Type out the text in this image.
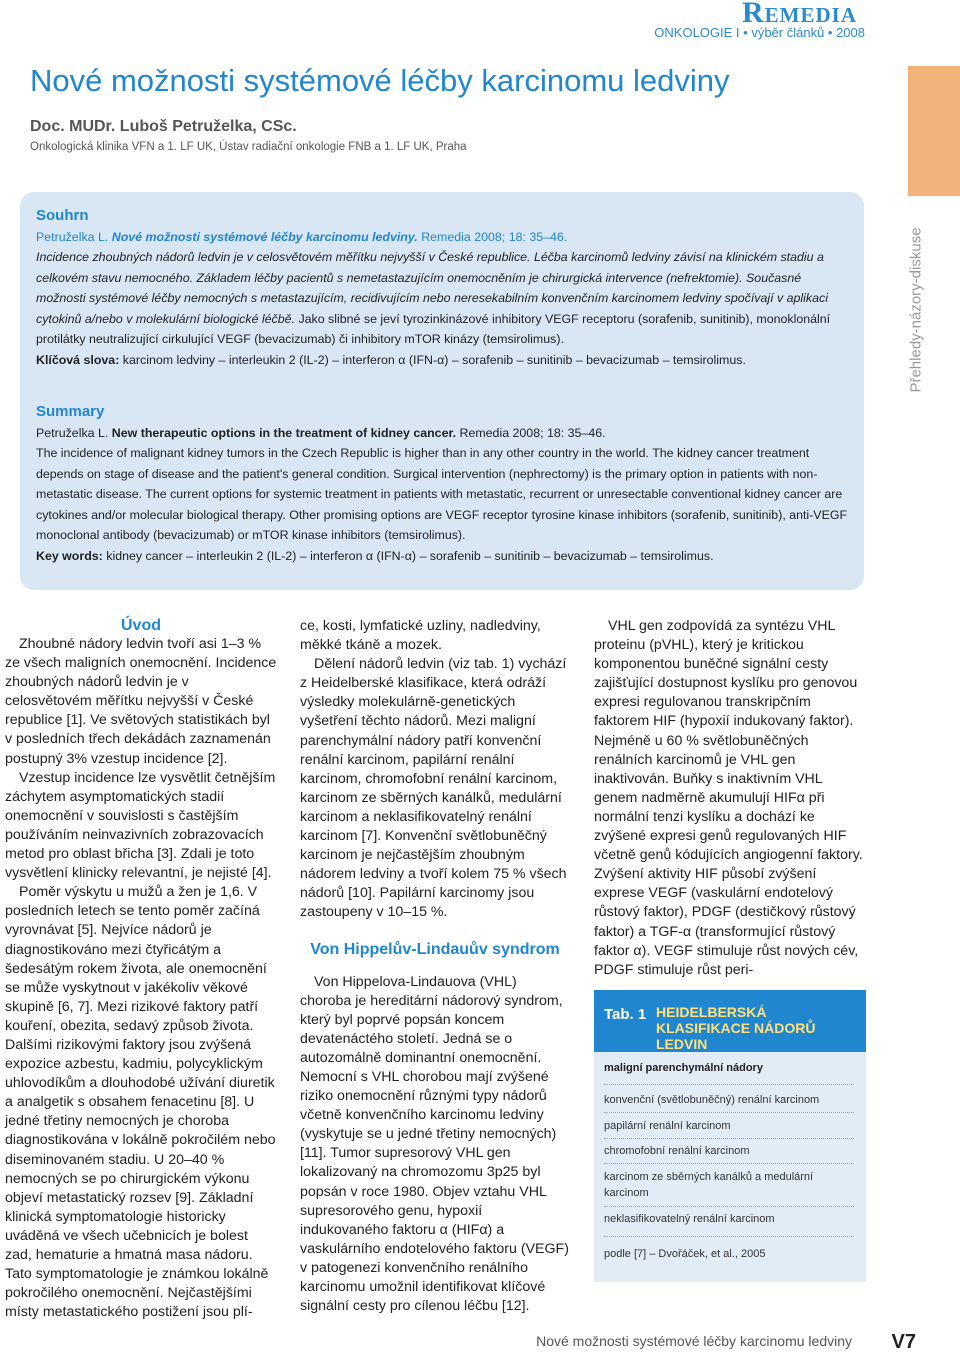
Remedia
ONKOLOGIE I • výběr článků • 2008
Nové možnosti systémové léčby karcinomu ledviny
Doc. MUDr. Luboš Petruželka, CSc.
Onkologická klinika VFN a 1. LF UK, Ústav radiační onkologie FNB a 1. LF UK, Praha
Přehledy-názory-diskuse
Souhrn
Petruželka L. Nové možnosti systémové léčby karcinomu ledviny. Remedia 2008; 18: 35–46.
Incidence zhoubných nádorů ledvin je v celosvětovém měřítku nejvyšší v České republice. Léčba karcinomů ledviny závisí na klinickém stadiu a celkovém stavu nemocného. Základem léčby pacientů s nemetastazujícím onemocněním je chirurgická intervence (nefrektomie). Současné možnosti systémové léčby nemocných s metastazujícím, recidivujícím nebo neresekabilním konvenčním karcinomem ledviny spočívají v aplikaci cytokinů a/nebo v molekulární biologické léčbě. Jako slibné se jeví tyrozinkinázové inhibitory VEGF receptoru (sorafenib, sunitinib), monoklonální protilátky neutralizující cirkulující VEGF (bevacizumab) či inhibitory mTOR kinázy (temsirolimus).
Klíčová slova: karcinom ledviny – interleukin 2 (IL-2) – interferon α (IFN-α) – sorafenib – sunitinib – bevacizumab – temsirolimus.
Summary
Petruželka L. New therapeutic options in the treatment of kidney cancer. Remedia 2008; 18: 35–46.
The incidence of malignant kidney tumors in the Czech Republic is higher than in any other country in the world. The kidney cancer treatment depends on stage of disease and the patient's general condition. Surgical intervention (nephrectomy) is the primary option in patients with non-metastatic disease. The current options for systemic treatment in patients with metastatic, recurrent or unresectable conventional kidney cancer are cytokines and/or molecular biological therapy. Other promising options are VEGF receptor tyrosine kinase inhibitors (sorafenib, sunitinib), anti-VEGF monoclonal antibody (bevacizumab) or mTOR kinase inhibitors (temsirolimus).
Key words: kidney cancer – interleukin 2 (IL-2) – interferon α (IFN-α) – sorafenib – sunitinib – bevacizumab – temsirolimus.
Úvod

Zhoubné nádory ledvin tvoří asi 1–3 % ze všech maligních onemocnění. Incidence zhoubných nádorů ledvin je v celosvětovém měřítku nejvyšší v České republice [1]. Ve světových statistikách byl v posledních třech dekádách zaznamenán postupný 3% vzestup incidence [2].

Vzestup incidence lze vysvětlit četnějším záchytem asymptomatických stadií onemocnění v souvislosti s častějším používáním neinvazivních zobrazovacích metod pro oblast břicha [3]. Zdali je toto vysvětlení klinicky relevantní, je nejisté [4].

Poměr výskytu u mužů a žen je 1,6. V posledních letech se tento poměr začíná vyrovnávat [5]. Nejvíce nádorů je diagnostikováno mezi čtyřicátým a šedesátým rokem života, ale onemocnění se může vyskytnout v jakékoliv věkové skupině [6, 7]. Mezi rizikové faktory patří kouření, obezita, sedavý způsob života. Dalšími rizikovými faktory jsou zvýšená expozice azbestu, kadmiu, polycyklickým uhlovodíkům a dlouhodobé užívání diuretik a analgetik s obsahem fenacetinu [8]. U jedné třetiny nemocných je choroba diagnostikována v lokálně pokročilém nebo diseminovaném stadiu. U 20–40 % nemocných se po chirurgickém výkonu objeví metastatický rozsev [9]. Základní klinická symptomatologie historicky uváděná ve všech učebnicích je bolest zad, hematurie a hmatná masa nádoru. Tato symptomatologie je známkou lokálně pokročilého onemocnění. Nejčastějšími místy metastatického postižení jsou plí-

ce, kosti, lymfatické uzliny, nadledviny, měkké tkáně a mozek.

Dělení nádorů ledvin (viz tab. 1) vychází z Heidelberské klasifikace, která odráží výsledky molekulárně-genetických vyšetření těchto nádorů. Mezi maligní parenchymální nádory patří konvenční renální karcinom, papilární renální karcinom, chromofobní renální karcinom, karcinom ze sběrných kanálků, medulární karcinom a neklasifikovatelný renální karcinom [7]. Konvenční světlobuněčný karcinom je nejčastějším zhoubným nádorem ledviny a tvoří kolem 75 % všech nádorů [10]. Papilární karcinomy jsou zastoupeny v 10–15 %.

Von Hippelův-Lindauův syndrom

Von Hippelova-Lindauova (VHL) choroba je hereditární nádorový syndrom, který byl poprvé popsán koncem devatenáctého století. Jedná se o autozomálně dominantní onemocnění. Nemocní s VHL chorobou mají zvýšené riziko onemocnění různými typy nádorů včetně konvenčního karcinomu ledviny (vyskytuje se u jedné třetiny nemocných) [11]. Tumor supresorový VHL gen lokalizovaný na chromozomu 3p25 byl popsán v roce 1980. Objev vztahu VHL supresorového genu, hypoxií indukovaného faktoru α (HIFα) a vaskulárního endotelového faktoru (VEGF) v patogenezi konvenčního renálního karcinomu umožnil identifikovat klíčové signální cesty pro cílenou léčbu [12].

VHL gen zodpovídá za syntézu VHL proteinu (pVHL), který je kritickou komponentou buněčné signální cesty zajišťující dostupnost kyslíku pro genovou expresi regulovanou transkripčním faktorem HIF (hypoxií indukovaný faktor). Nejméně u 60 % světlobuněčných renálních karcinomů je VHL gen inaktivován. Buňky s inaktivním VHL genem nadměrně akumulují HIFα při normální tenzi kyslíku a dochází ke zvýšené expresi genů regulovaných HIF včetně genů kódujících angiogenní faktory. Zvýšení aktivity HIF působí zvýšení exprese VEGF (vaskulární endotelový růstový faktor), PDGF (destičkový růstový faktor) a TGF-α (transformující růstový faktor α). VEGF stimuluje růst nových cév, PDGF stimuluje růst peri-

Tab. 1 HEIDELBERSKÁ KLASIFIKACE NÁDORŮ LEDVIN
maligní parenchymální nádory
konvenční (světlobuněčný) renální karcinom
papilární renální karcinom
chromofobní renální karcinom
karcinom ze sběrných kanálků a medulární karcinom
neklasifikovatelný renální karcinom
podle [7] – Dvořáček, et al., 2005
Nové možnosti systémové léčby karcinomu ledviny V7
